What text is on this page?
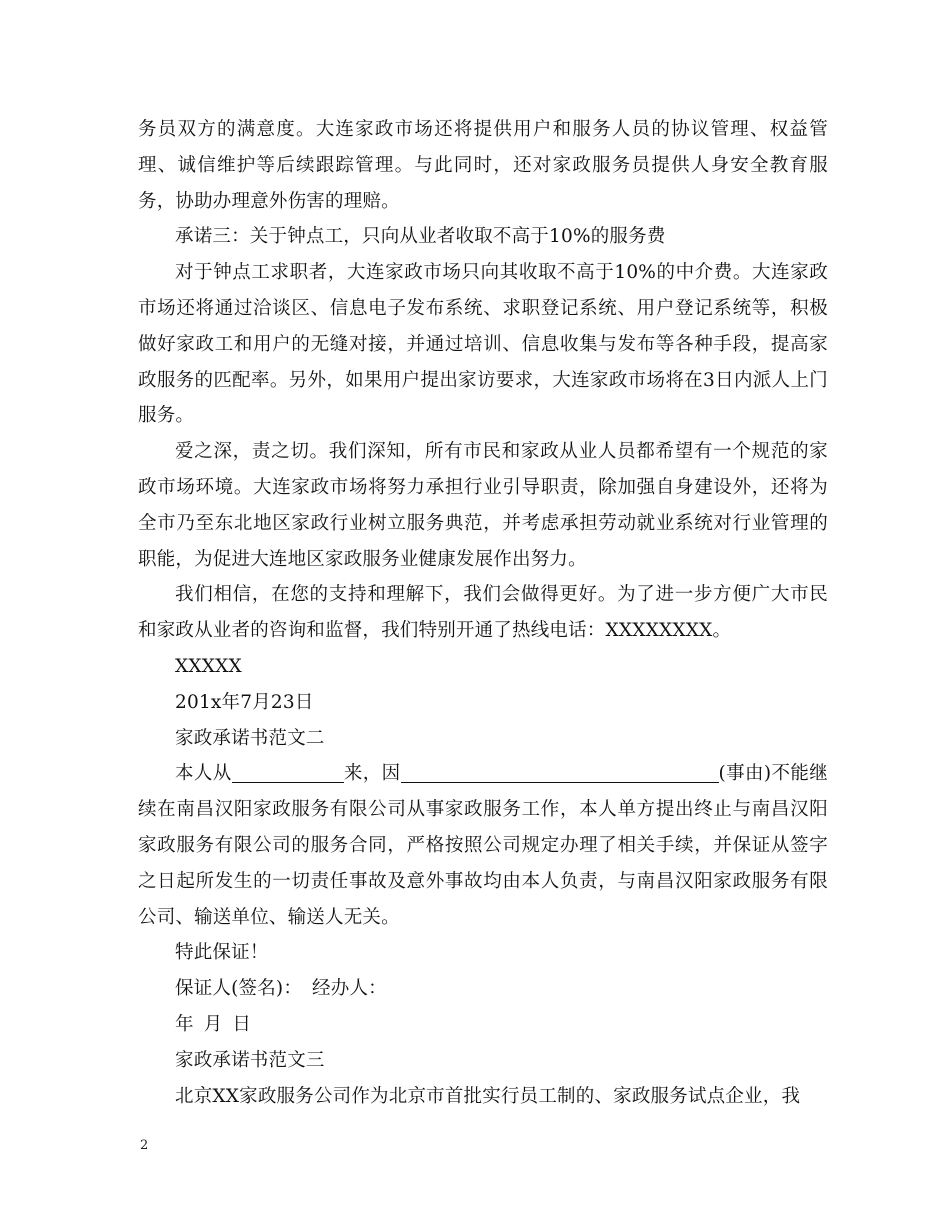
务员双方的满意度。大连家政市场还将提供用户和服务人员的协议管理、权益管理、诚信维护等后续跟踪管理。与此同时，还对家政服务员提供人身安全教育服务，协助办理意外伤害的理赔。

承诺三：关于钟点工，只向从业者收取不高于10%的服务费

对于钟点工求职者，大连家政市场只向其收取不高于10%的中介费。大连家政市场还将通过洽谈区、信息电子发布系统、求职登记系统、用户登记系统等，积极做好家政工和用户的无缝对接，并通过培训、信息收集与发布等各种手段，提高家政服务的匹配率。另外，如果用户提出家访要求，大连家政市场将在3日内派人上门服务。

爱之深，责之切。我们深知，所有市民和家政从业人员都希望有一个规范的家政市场环境。大连家政市场将努力承担行业引导职责，除加强自身建设外，还将为全市乃至东北地区家政行业树立服务典范，并考虑承担劳动就业系统对行业管理的职能，为促进大连地区家政服务业健康发展作出努力。

我们相信，在您的支持和理解下，我们会做得更好。为了进一步方便广大市民和家政从业者的咨询和监督，我们特别开通了热线电话：XXXXXXXX。

XXXXX

201x年7月23日

家政承诺书范文二

本人从	来，因	(事由)不能继续在南昌汉阳家政服务有限公司从事家政服务工作，本人单方提出终止与南昌汉阳家政服务有限公司的服务合同，严格按照公司规定办理了相关手续，并保证从签字之日起所发生的一切责任事故及意外事故均由本人负责，与南昌汉阳家政服务有限公司、输送单位、输送人无关。

特此保证！

保证人(签名)： 经办人：

年 月 日

家政承诺书范文三

北京XX家政服务公司作为北京市首批实行员工制的、家政服务试点企业，我

2
